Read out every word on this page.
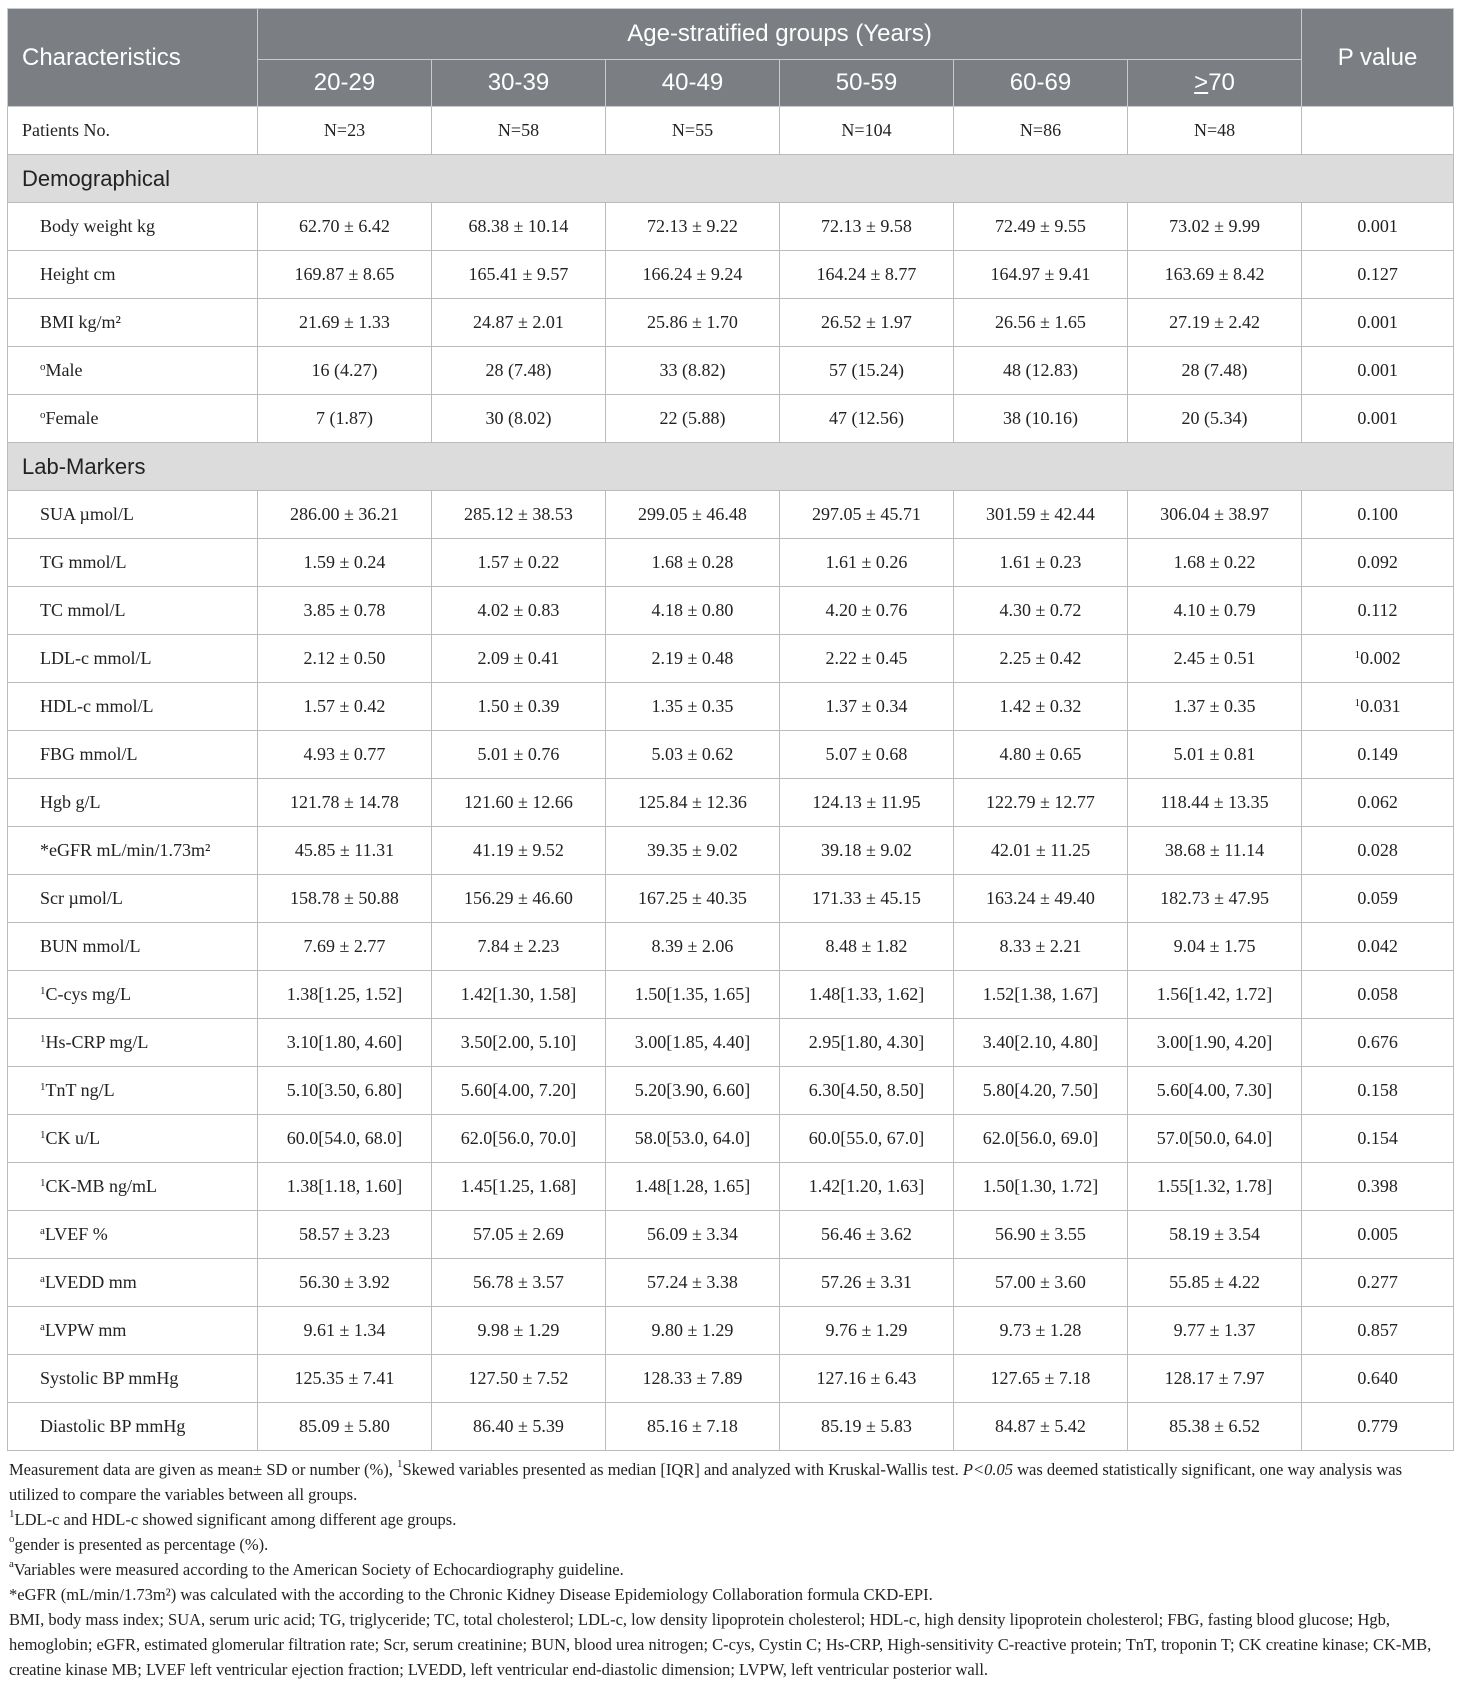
Characteristics	Age-stratified groups (Years)						P value
	20-29	30-39	40-49	50-59	60-69	≥70	
Patients No.	N=23	N=58	N=55	N=104	N=86	N=48	
Demographical							
Body weight kg	62.70 ± 6.42	68.38 ± 10.14	72.13 ± 9.22	72.13 ± 9.58	72.49 ± 9.55	73.02 ± 9.99	0.001
Height cm	169.87 ± 8.65	165.41 ± 9.57	166.24 ± 9.24	164.24 ± 8.77	164.97 ± 9.41	163.69 ± 8.42	0.127
BMI kg/m²	21.69 ± 1.33	24.87 ± 2.01	25.86 ± 1.70	26.52 ± 1.97	26.56 ± 1.65	27.19 ± 2.42	0.001
$^o$Male	16 (4.27)	28 (7.48)	33 (8.82)	57 (15.24)	48 (12.83)	28 (7.48)	0.001
$^o$Female	7 (1.87)	30 (8.02)	22 (5.88)	47 (12.56)	38 (10.16)	20 (5.34)	0.001
Lab-Markers							
SUA µmol/L	286.00 ± 36.21	285.12 ± 38.53	299.05 ± 46.48	297.05 ± 45.71	301.59 ± 42.44	306.04 ± 38.97	0.100
TG mmol/L	1.59 ± 0.24	1.57 ± 0.22	1.68 ± 0.28	1.61 ± 0.26	1.61 ± 0.23	1.68 ± 0.22	0.092
TC mmol/L	3.85 ± 0.78	4.02 ± 0.83	4.18 ± 0.80	4.20 ± 0.76	4.30 ± 0.72	4.10 ± 0.79	0.112
LDL-c mmol/L	2.12 ± 0.50	2.09 ± 0.41	2.19 ± 0.48	2.22 ± 0.45	2.25 ± 0.42	2.45 ± 0.51	$^1$0.002
HDL-c mmol/L	1.57 ± 0.42	1.50 ± 0.39	1.35 ± 0.35	1.37 ± 0.34	1.42 ± 0.32	1.37 ± 0.35	$^1$0.031
FBG mmol/L	4.93 ± 0.77	5.01 ± 0.76	5.03 ± 0.62	5.07 ± 0.68	4.80 ± 0.65	5.01 ± 0.81	0.149
Hgb g/L	121.78 ± 14.78	121.60 ± 12.66	125.84 ± 12.36	124.13 ± 11.95	122.79 ± 12.77	118.44 ± 13.35	0.062
*eGFR mL/min/1.73m²	45.85 ± 11.31	41.19 ± 9.52	39.35 ± 9.02	39.18 ± 9.02	42.01 ± 11.25	38.68 ± 11.14	0.028
Scr µmol/L	158.78 ± 50.88	156.29 ± 46.60	167.25 ± 40.35	171.33 ± 45.15	163.24 ± 49.40	182.73 ± 47.95	0.059
BUN mmol/L	7.69 ± 2.77	7.84 ± 2.23	8.39 ± 2.06	8.48 ± 1.82	8.33 ± 2.21	9.04 ± 1.75	0.042
$^1$C-cys mg/L	1.38[1.25, 1.52]	1.42[1.30, 1.58]	1.50[1.35, 1.65]	1.48[1.33, 1.62]	1.52[1.38, 1.67]	1.56[1.42, 1.72]	0.058
$^1$Hs-CRP mg/L	3.10[1.80, 4.60]	3.50[2.00, 5.10]	3.00[1.85, 4.40]	2.95[1.80, 4.30]	3.40[2.10, 4.80]	3.00[1.90, 4.20]	0.676
$^1$TnT ng/L	5.10[3.50, 6.80]	5.60[4.00, 7.20]	5.20[3.90, 6.60]	6.30[4.50, 8.50]	5.80[4.20, 7.50]	5.60[4.00, 7.30]	0.158
$^1$CK u/L	60.0[54.0, 68.0]	62.0[56.0, 70.0]	58.0[53.0, 64.0]	60.0[55.0, 67.0]	62.0[56.0, 69.0]	57.0[50.0, 64.0]	0.154
$^1$CK-MB ng/mL	1.38[1.18, 1.60]	1.45[1.25, 1.68]	1.48[1.28, 1.65]	1.42[1.20, 1.63]	1.50[1.30, 1.72]	1.55[1.32, 1.78]	0.398
$^a$LVEF %	58.57 ± 3.23	57.05 ± 2.69	56.09 ± 3.34	56.46 ± 3.62	56.90 ± 3.55	58.19 ± 3.54	0.005
$^a$LVEDD mm	56.30 ± 3.92	56.78 ± 3.57	57.24 ± 3.38	57.26 ± 3.31	57.00 ± 3.60	55.85 ± 4.22	0.277
$^a$LVPW mm	9.61 ± 1.34	9.98 ± 1.29	9.80 ± 1.29	9.76 ± 1.29	9.73 ± 1.28	9.77 ± 1.37	0.857
Systolic BP mmHg	125.35 ± 7.41	127.50 ± 7.52	128.33 ± 7.89	127.16 ± 6.43	127.65 ± 7.18	128.17 ± 7.97	0.640
Diastolic BP mmHg	85.09 ± 5.80	86.40 ± 5.39	85.16 ± 7.18	85.19 ± 5.83	84.87 ± 5.42	85.38 ± 6.52	0.779

Measurement data are given as mean± SD or number (%), $^1$Skewed variables presented as median [IQR] and analyzed with Kruskal-Wallis test. P<0.05 was deemed statistically significant, one way analysis was utilized to compare the variables between all groups.

$^1$LDL-c and HDL-c showed significant among different age groups.

$^o$gender is presented as percentage (%).

$^a$Variables were measured according to the American Society of Echocardiography guideline.

*eGFR (mL/min/1.73m²) was calculated with the according to the Chronic Kidney Disease Epidemiology Collaboration formula CKD-EPI.

BMI, body mass index; SUA, serum uric acid; TG, triglyceride; TC, total cholesterol; LDL-c, low density lipoprotein cholesterol; HDL-c, high density lipoprotein cholesterol; FBG, fasting blood glucose; Hgb, hemoglobin; eGFR, estimated glomerular filtration rate; Scr, serum creatinine; BUN, blood urea nitrogen; C-cys, Cystin C; Hs-CRP, High-sensitivity C-reactive protein; TnT, troponin T; CK creatine kinase; CK-MB, creatine kinase MB; LVEF left ventricular ejection fraction; LVEDD, left ventricular end-diastolic dimension; LVPW, left ventricular posterior wall.
